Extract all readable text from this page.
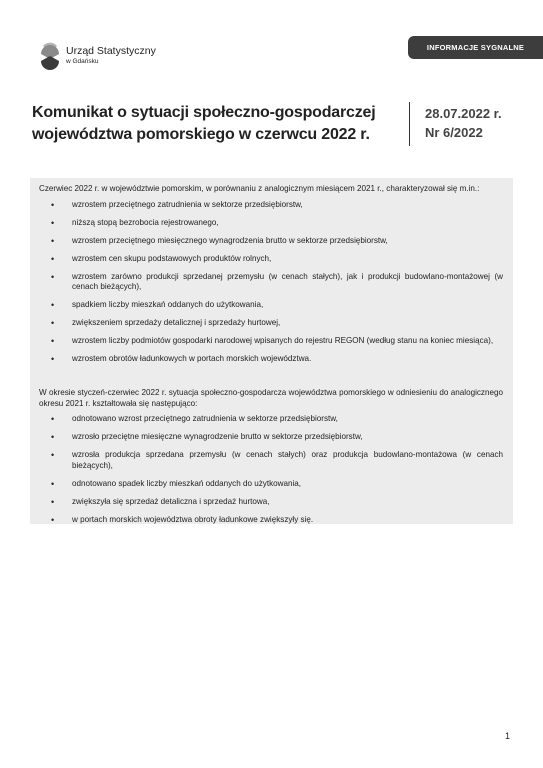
Urząd Statystyczny
w Gdańsku
INFORMACJE SYGNALNE
Komunikat o sytuacji społeczno-gospodarczej
województwa pomorskiego w czerwcu 2022 r.
28.07.2022 r.
Nr 6/2022

Czerwiec 2022 r. w województwie pomorskim, w porównaniu z analogicznym miesiącem 2021 r., charakteryzował się m.in.:

• wzrostem przeciętnego zatrudnienia w sektorze przedsiębiorstw,
• niższą stopą bezrobocia rejestrowanego,
• wzrostem przeciętnego miesięcznego wynagrodzenia brutto w sektorze przedsiębiorstw,
• wzrostem cen skupu podstawowych produktów rolnych,
• wzrostem zarówno produkcji sprzedanej przemysłu (w cenach stałych), jak i produkcji budowlano-montażowej (w cenach bieżących),
• spadkiem liczby mieszkań oddanych do użytkowania,
• zwiększeniem sprzedaży detalicznej i sprzedaży hurtowej,
• wzrostem liczby podmiotów gospodarki narodowej wpisanych do rejestru REGON (według stanu na koniec miesiąca),
• wzrostem obrotów ładunkowych w portach morskich województwa.

W okresie styczeń-czerwiec 2022 r. sytuacja społeczno-gospodarcza województwa pomorskiego w odniesieniu do analogicznego okresu 2021 r. kształtowała się następująco:

• odnotowano wzrost przeciętnego zatrudnienia w sektorze przedsiębiorstw,
• wzrosło przeciętne miesięczne wynagrodzenie brutto w sektorze przedsiębiorstw,
• wzrosła produkcja sprzedana przemysłu (w cenach stałych) oraz produkcja budowlano-montażowa (w cenach bieżących),
• odnotowano spadek liczby mieszkań oddanych do użytkowania,
• zwiększyła się sprzedaż detaliczna i sprzedaż hurtowa,
• w portach morskich województwa obroty ładunkowe zwiększyły się.
1
